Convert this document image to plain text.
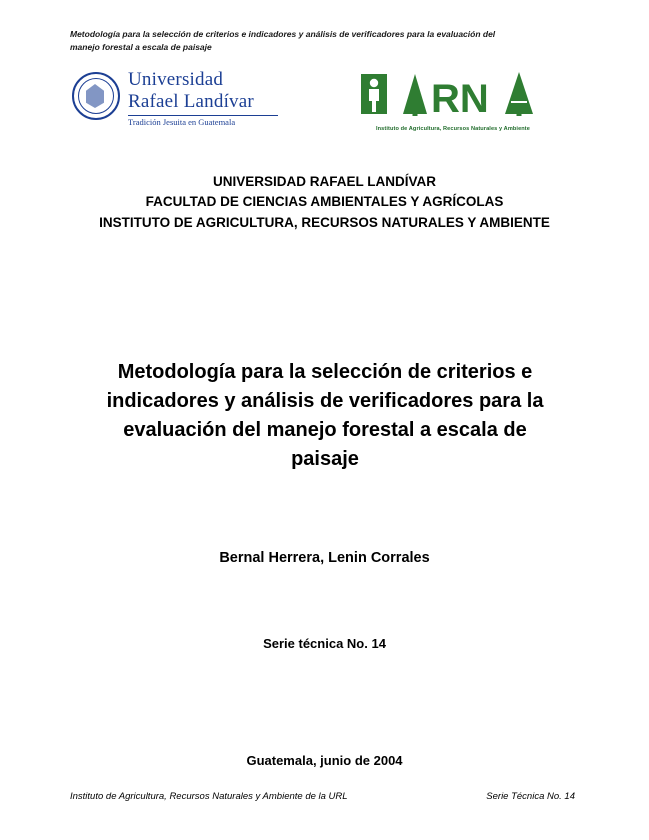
Metodología para la selección de criterios e indicadores y análisis de verificadores para la evaluación del manejo forestal a escala de paisaje
Universidad
Rafael Landívar
Tradición Jesuita en Guatemala
RN
Instituto de Agricultura, Recursos Naturales y Ambiente
UNIVERSIDAD RAFAEL LANDÍVAR
FACULTAD DE CIENCIAS AMBIENTALES Y AGRÍCOLAS
INSTITUTO DE AGRICULTURA, RECURSOS NATURALES Y AMBIENTE
Metodología para la selección de criterios e indicadores y análisis de verificadores para la evaluación del manejo forestal a escala de paisaje
Bernal Herrera, Lenin Corrales
Serie técnica No. 14
Guatemala, junio de 2004
Instituto de Agricultura, Recursos Naturales y Ambiente de la URL	Serie Técnica No. 14
